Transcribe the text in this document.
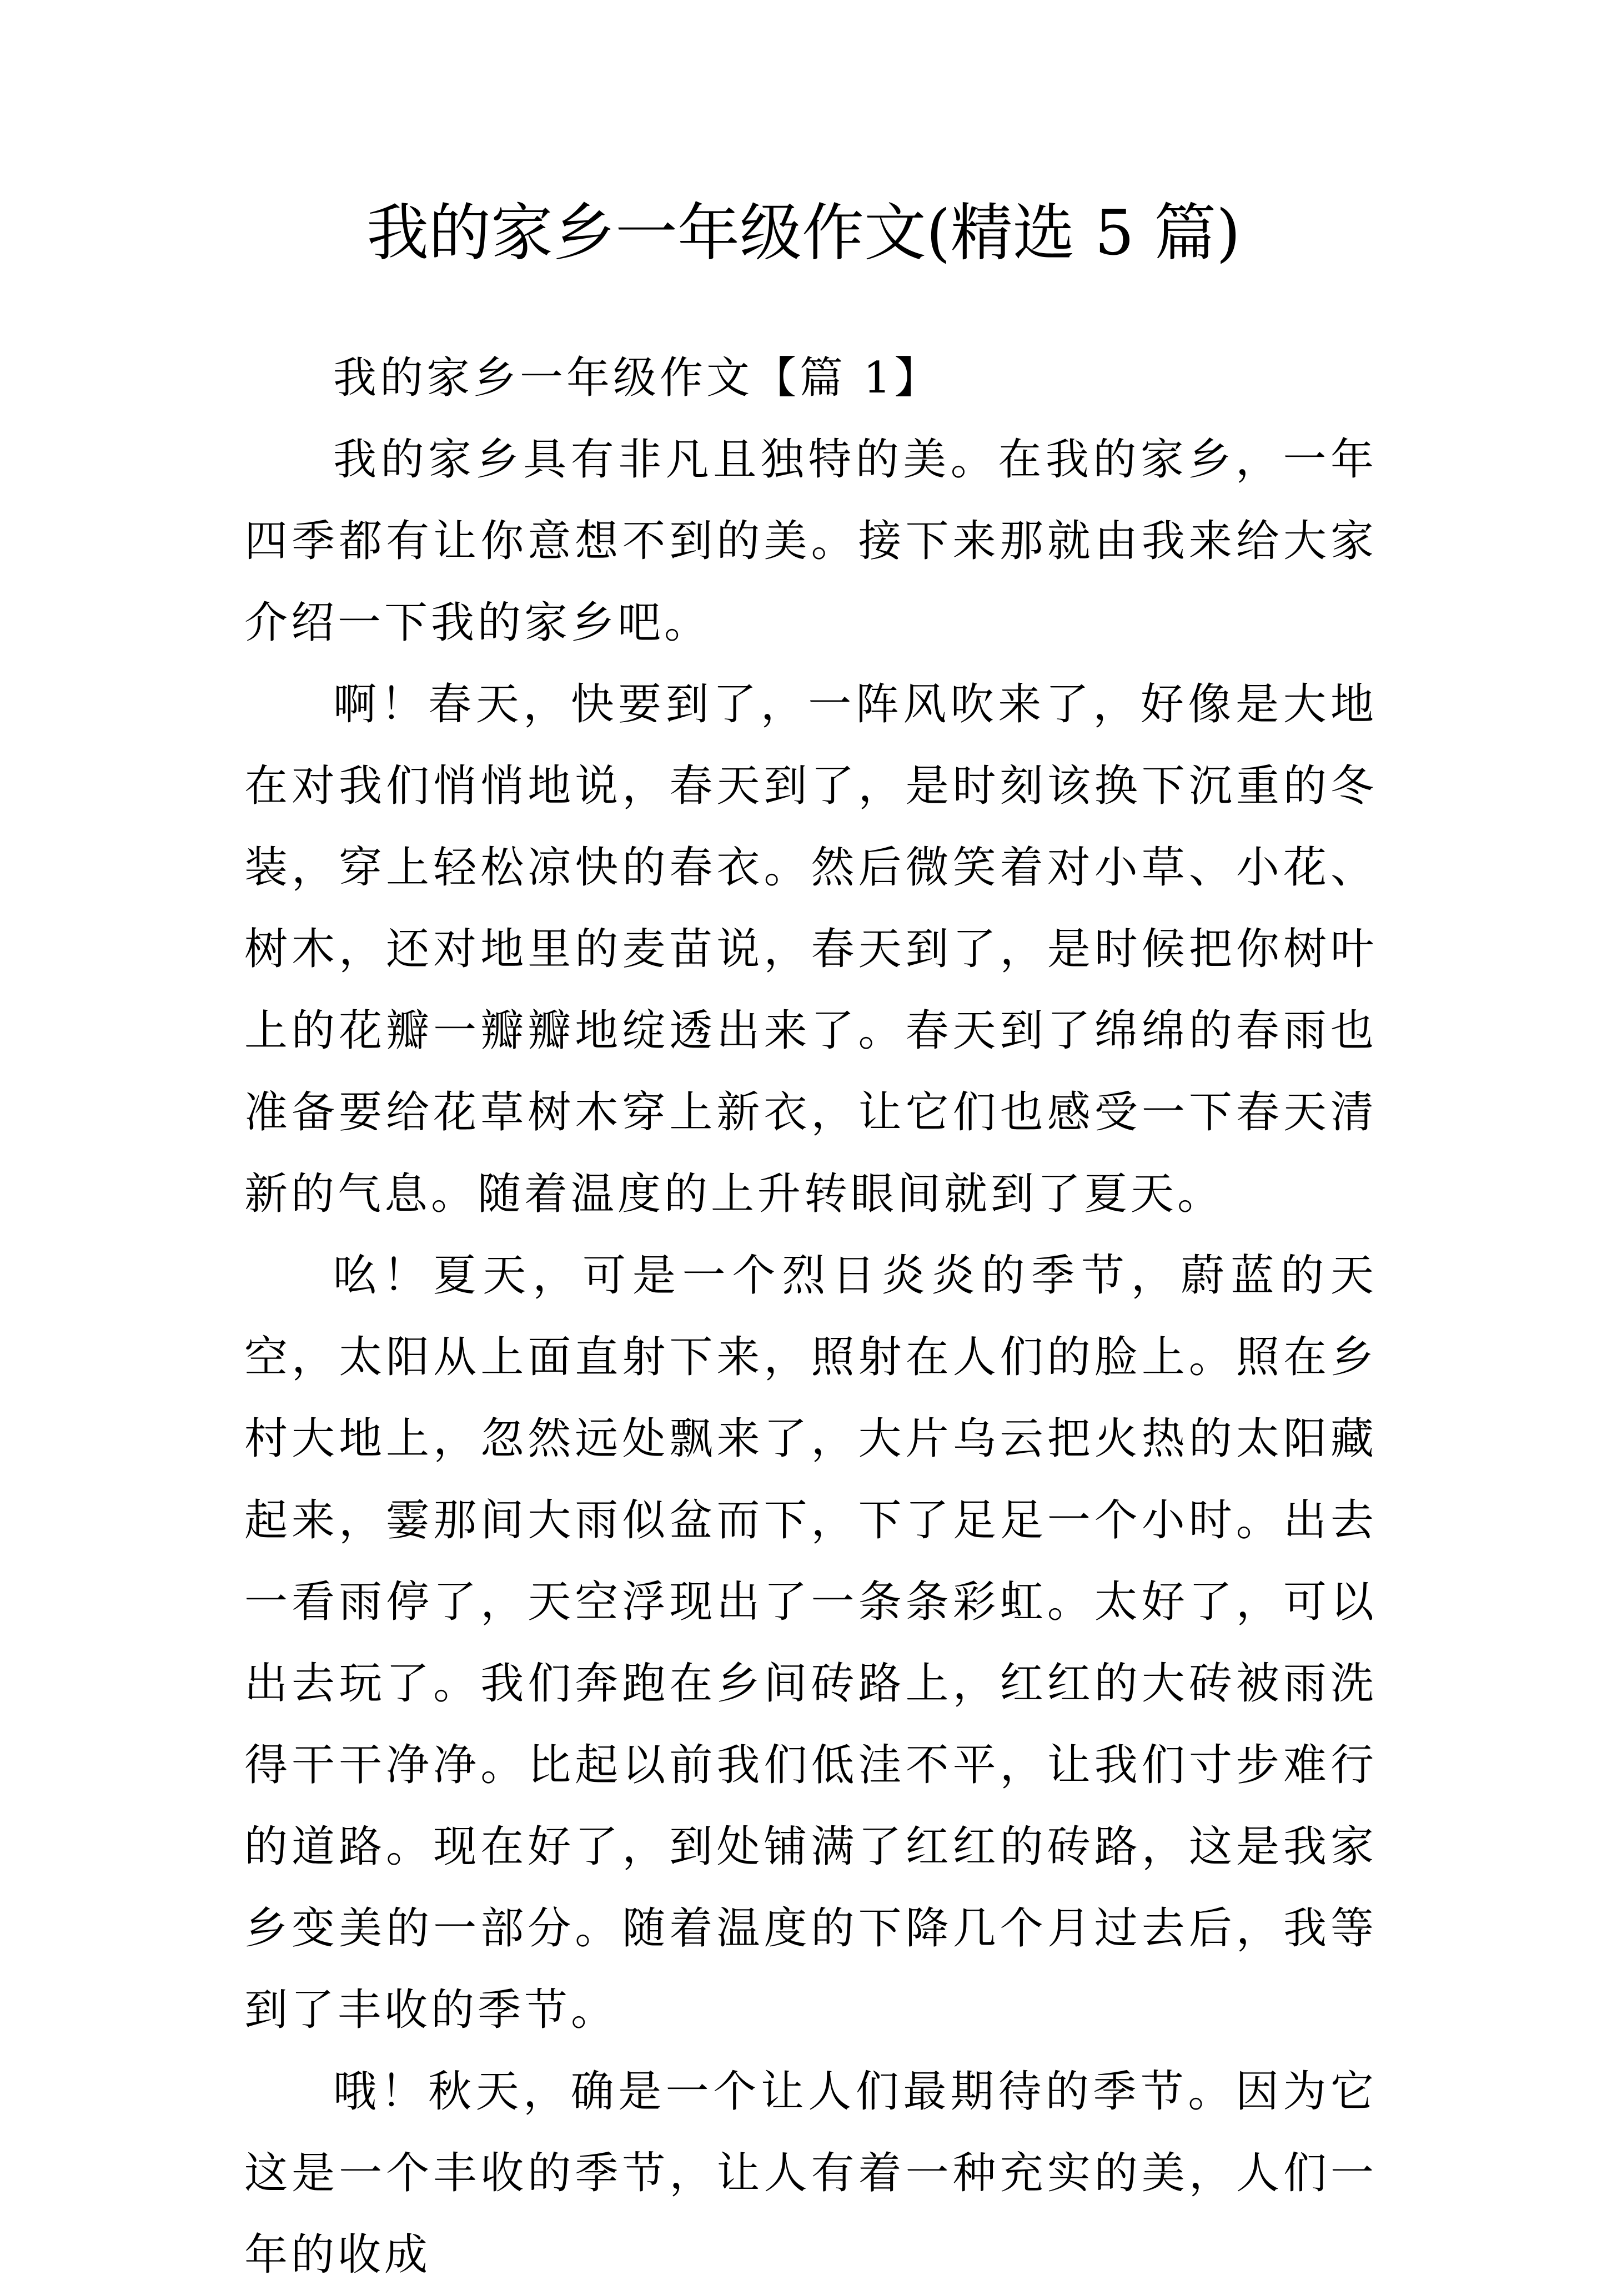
我的家乡一年级作文(精选 5 篇)

我的家乡一年级作文【篇 1】

我的家乡具有非凡且独特的美。在我的家乡，一年四季都有让你意想不到的美。接下来那就由我来给大家介绍一下我的家乡吧。

啊！春天，快要到了，一阵风吹来了，好像是大地在对我们悄悄地说，春天到了，是时刻该换下沉重的冬装，穿上轻松凉快的春衣。然后微笑着对小草、小花、树木，还对地里的麦苗说，春天到了，是时候把你树叶上的花瓣一瓣瓣地绽透出来了。春天到了绵绵的春雨也准备要给花草树木穿上新衣，让它们也感受一下春天清新的气息。随着温度的上升转眼间就到了夏天。

吆！夏天，可是一个烈日炎炎的季节，蔚蓝的天空，太阳从上面直射下来，照射在人们的脸上。照在乡村大地上，忽然远处飘来了，大片乌云把火热的太阳藏起来，霎那间大雨似盆而下，下了足足一个小时。出去一看雨停了，天空浮现出了一条条彩虹。太好了，可以出去玩了。我们奔跑在乡间砖路上，红红的大砖被雨洗得干干净净。比起以前我们低洼不平，让我们寸步难行的道路。现在好了，到处铺满了红红的砖路，这是我家乡变美的一部分。随着温度的下降几个月过去后，我等到了丰收的季节。

哦！秋天，确是一个让人们最期待的季节。因为它这是一个丰收的季节，让人有着一种充实的美，人们一年的收成
